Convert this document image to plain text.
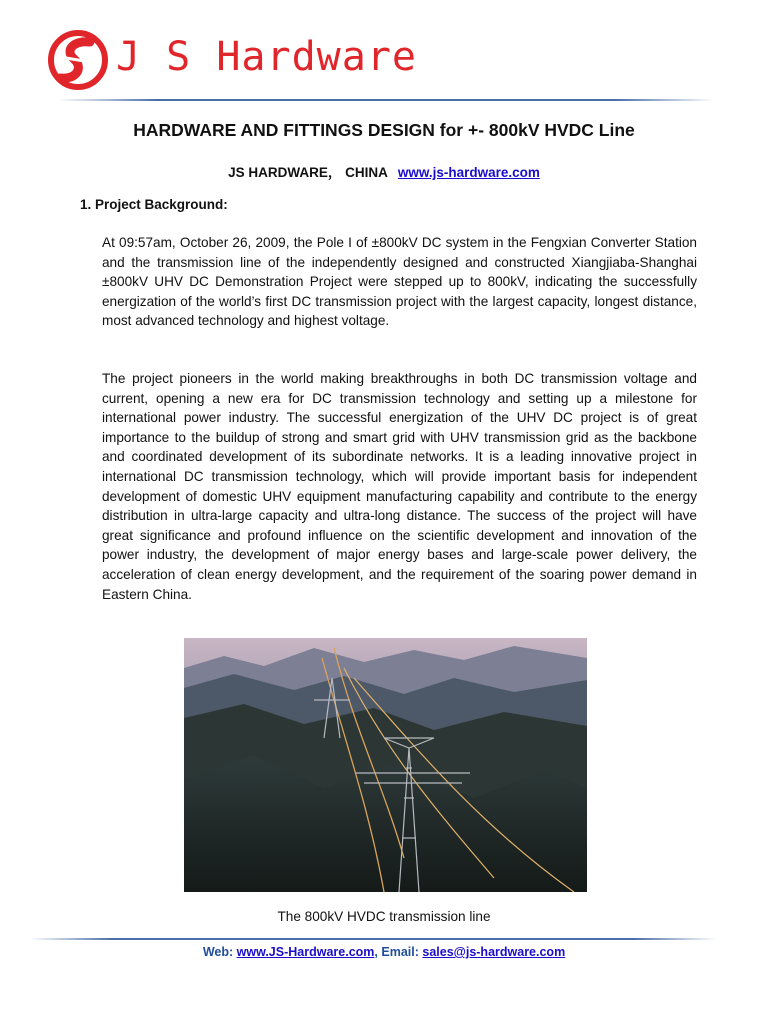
J S Hardware
HARDWARE AND FITTINGS DESIGN for +- 800kV HVDC Line
JS HARDWARE， CHINA www.js-hardware.com
1. Project Background:

At 09:57am, October 26, 2009, the Pole I of ±800kV DC system in the Fengxian Converter Station and the transmission line of the independently designed and constructed Xiangjiaba-Shanghai ±800kV UHV DC Demonstration Project were stepped up to 800kV, indicating the successfully energization of the world’s first DC transmission project with the largest capacity, longest distance, most advanced technology and highest voltage.

The project pioneers in the world making breakthroughs in both DC transmission voltage and current, opening a new era for DC transmission technology and setting up a milestone for international power industry. The successful energization of the UHV DC project is of great importance to the buildup of strong and smart grid with UHV transmission grid as the backbone and coordinated development of its subordinate networks. It is a leading innovative project in international DC transmission technology, which will provide important basis for independent development of domestic UHV equipment manufacturing capability and contribute to the energy distribution in ultra-large capacity and ultra-long distance. The success of the project will have great significance and profound influence on the scientific development and innovation of the power industry, the development of major energy bases and large-scale power delivery, the acceleration of clean energy development, and the requirement of the soaring power demand in Eastern China.

The 800kV HVDC transmission line
Web: www.JS-Hardware.com, Email: sales@js-hardware.com
